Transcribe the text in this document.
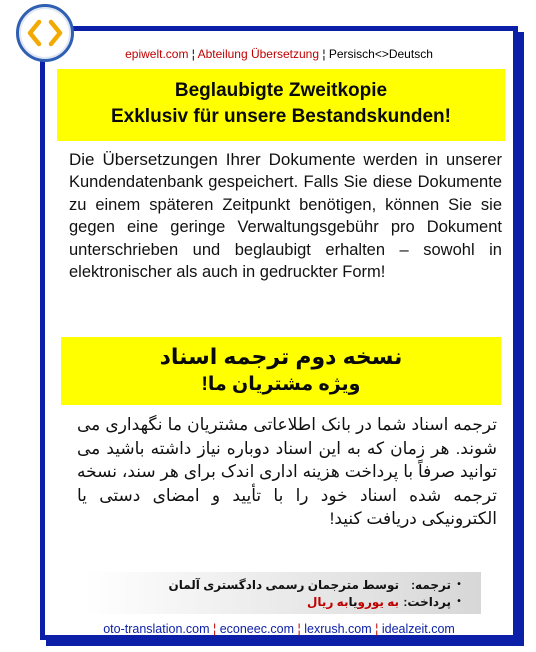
epiwelt.com ¦ Abteilung Übersetzung ¦ Persisch<>Deutsch
Beglaubigte Zweitkopie
Exklusiv für unsere Bestandskunden!
Die Übersetzungen Ihrer Dokumente werden in unserer Kundendatenbank gespeichert. Falls Sie diese Dokumente zu einem späteren Zeitpunkt benötigen, können Sie sie gegen eine geringe Verwaltungsgebühr pro Dokument unterschrieben und beglaubigt erhalten – sowohl in elektronischer als auch in gedruckter Form!
نسخه دوم ترجمه اسناد
ویژه مشتریان ما!
ترجمه اسناد شما در بانک اطلاعاتی مشتریان ما نگهداری می شوند. هر زمان که به این اسناد دوباره نیاز داشته باشید می توانید صرفاً با پرداخت هزینه اداری اندک برای هر سند، نسخه ترجمه شده اسناد خود را با تأیید و امضای دستی یا الکترونیکی دریافت کنید!
•
ترجمه:
توسط مترجمان رسمی دادگستری آلمان
•
پرداخت:
به یورو
یا
به ریال
oto-translation.com ¦ econeec.com ¦ lexrush.com ¦ idealzeit.com
